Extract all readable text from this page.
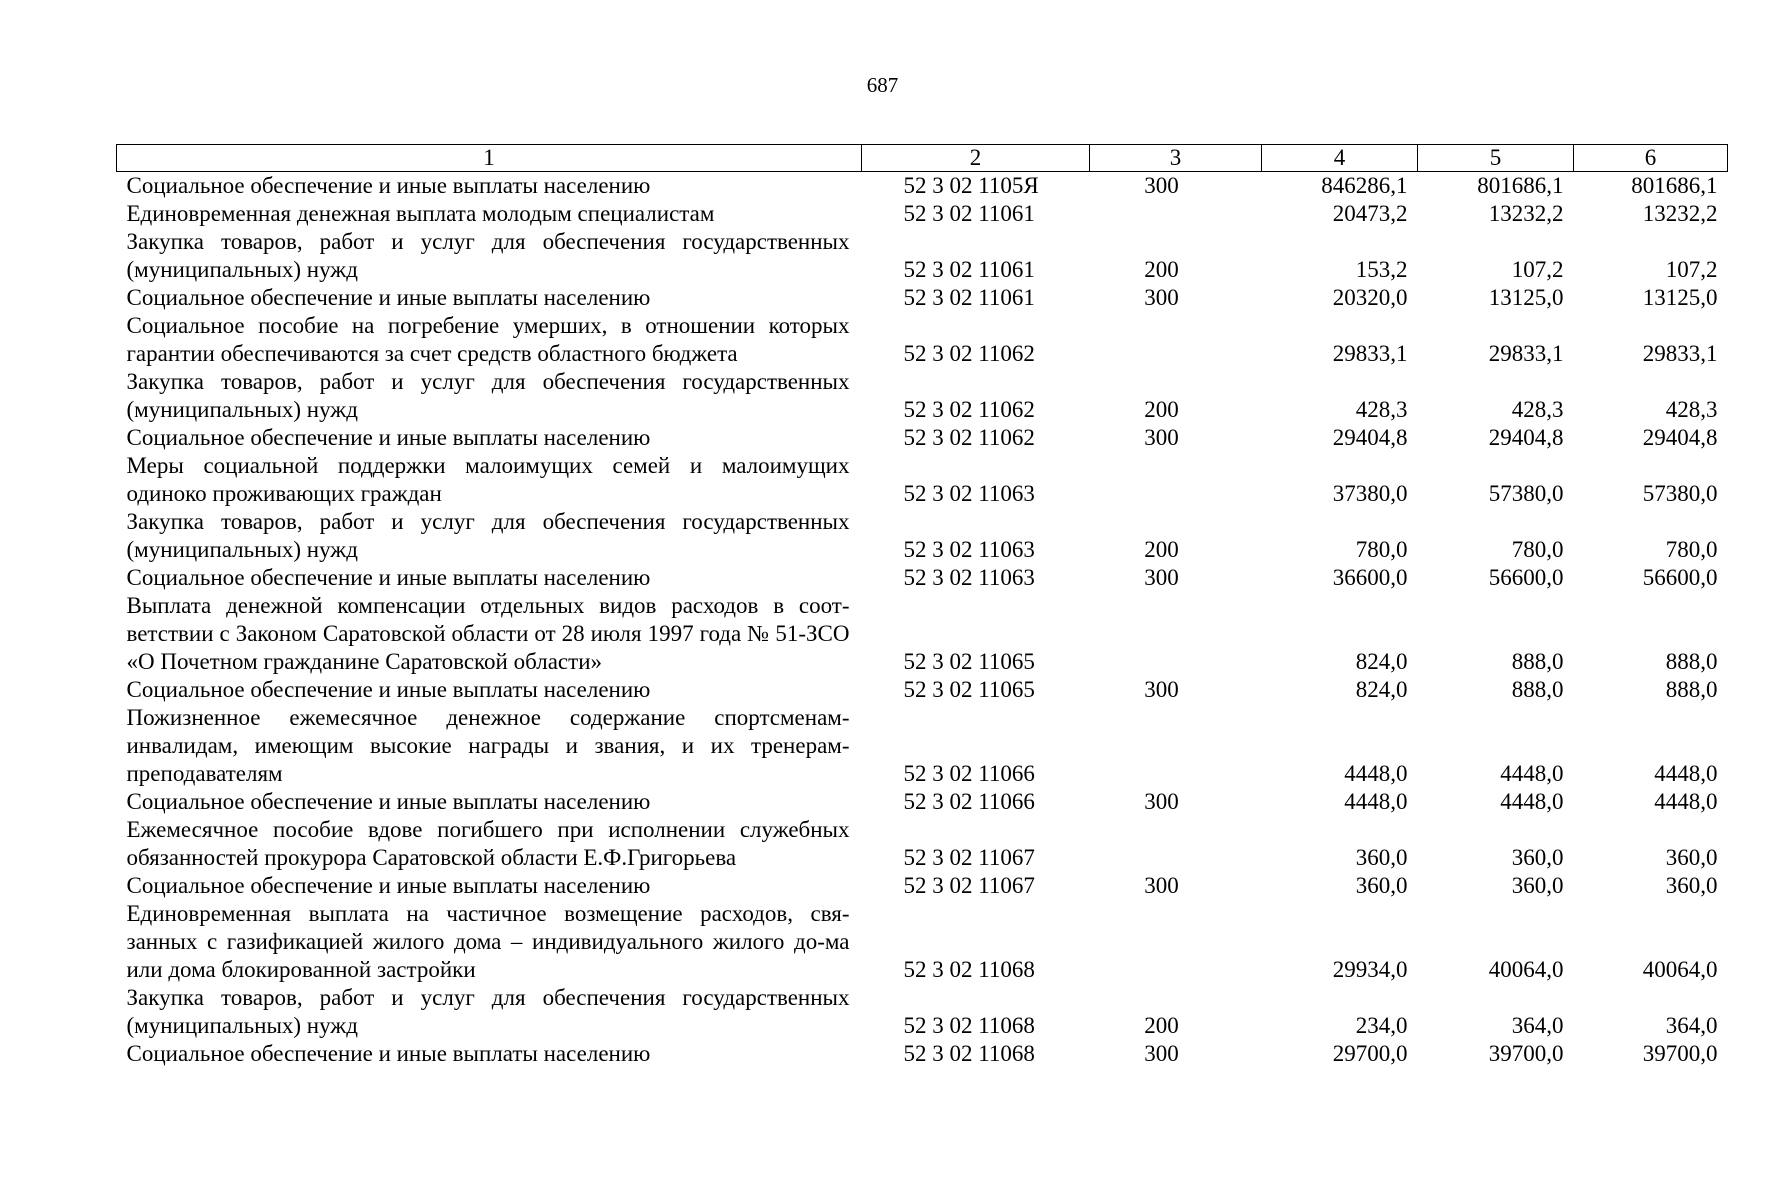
687
1	2	3	4	5	6
Социальное обеспечение и иные выплаты населению	52 3 02 1105Я	300	846286,1	801686,1	801686,1
Единовременная денежная выплата молодым специалистам	52 3 02 11061		20473,2	13232,2	13232,2
Закупка товаров, работ и услуг для обеспечения государственных (муниципальных) нужд	52 3 02 11061	200	153,2	107,2	107,2
Социальное обеспечение и иные выплаты населению	52 3 02 11061	300	20320,0	13125,0	13125,0
Социальное пособие на погребение умерших, в отношении которых гарантии обеспечиваются за счет средств областного бюджета	52 3 02 11062		29833,1	29833,1	29833,1
Закупка товаров, работ и услуг для обеспечения государственных (муниципальных) нужд	52 3 02 11062	200	428,3	428,3	428,3
Социальное обеспечение и иные выплаты населению	52 3 02 11062	300	29404,8	29404,8	29404,8
Меры социальной поддержки малоимущих семей и малоимущих одиноко проживающих граждан	52 3 02 11063		37380,0	57380,0	57380,0
Закупка товаров, работ и услуг для обеспечения государственных (муниципальных) нужд	52 3 02 11063	200	780,0	780,0	780,0
Социальное обеспечение и иные выплаты населению	52 3 02 11063	300	36600,0	56600,0	56600,0
Выплата денежной компенсации отдельных видов расходов в соот-ветствии с Законом Саратовской области от 28 июля 1997 года № 51-ЗСО «О Почетном гражданине Саратовской области»	52 3 02 11065		824,0	888,0	888,0
Социальное обеспечение и иные выплаты населению	52 3 02 11065	300	824,0	888,0	888,0
Пожизненное ежемесячное денежное содержание спортсменам-инвалидам, имеющим высокие награды и звания, и их тренерам-преподавателям	52 3 02 11066		4448,0	4448,0	4448,0
Социальное обеспечение и иные выплаты населению	52 3 02 11066	300	4448,0	4448,0	4448,0
Ежемесячное пособие вдове погибшего при исполнении служебных обязанностей прокурора Саратовской области Е.Ф.Григорьева	52 3 02 11067		360,0	360,0	360,0
Социальное обеспечение и иные выплаты населению	52 3 02 11067	300	360,0	360,0	360,0
Единовременная выплата на частичное возмещение расходов, свя-занных с газификацией жилого дома – индивидуального жилого до-ма или дома блокированной застройки	52 3 02 11068		29934,0	40064,0	40064,0
Закупка товаров, работ и услуг для обеспечения государственных (муниципальных) нужд	52 3 02 11068	200	234,0	364,0	364,0
Социальное обеспечение и иные выплаты населению	52 3 02 11068	300	29700,0	39700,0	39700,0
